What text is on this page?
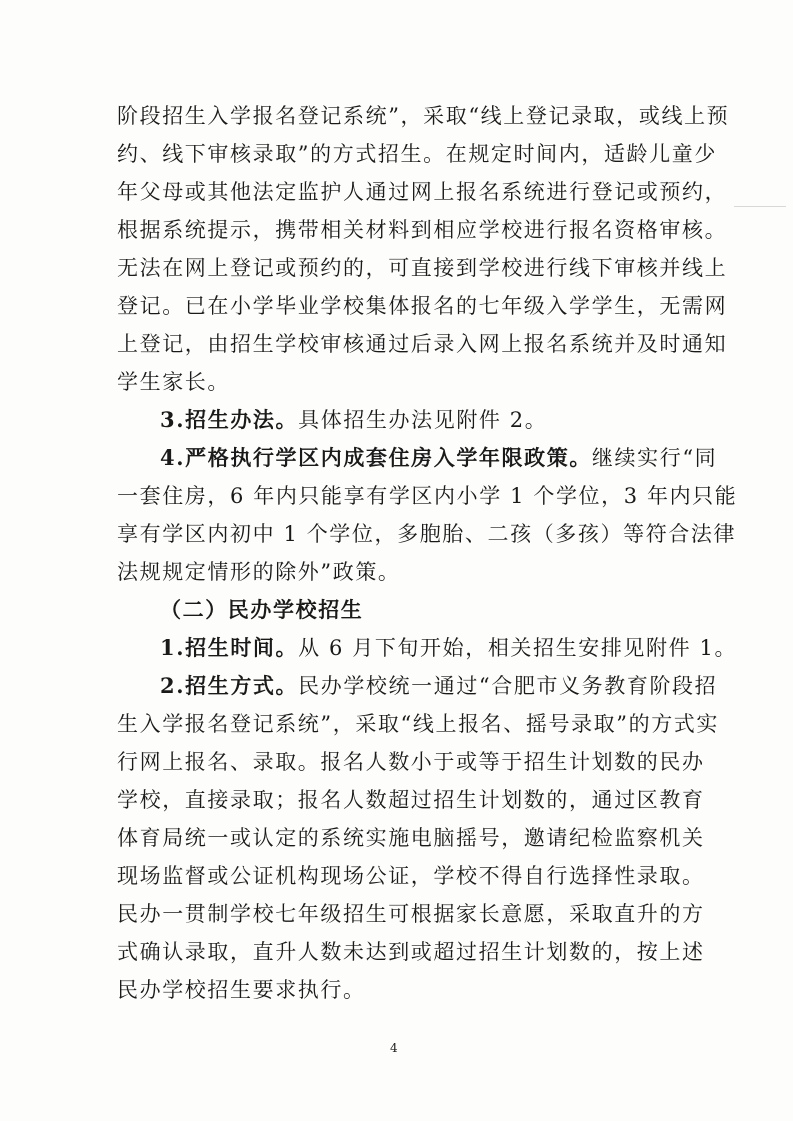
阶段招生入学报名登记系统”，采取“线上登记录取，或线上预
约、线下审核录取”的方式招生。在规定时间内，适龄儿童少
年父母或其他法定监护人通过网上报名系统进行登记或预约，
根据系统提示，携带相关材料到相应学校进行报名资格审核。
无法在网上登记或预约的，可直接到学校进行线下审核并线上
登记。已在小学毕业学校集体报名的七年级入学学生，无需网
上登记，由招生学校审核通过后录入网上报名系统并及时通知
学生家长。
3.招生办法。具体招生办法见附件 2。
4.严格执行学区内成套住房入学年限政策。继续实行“同
一套住房，6 年内只能享有学区内小学 1 个学位，3 年内只能
享有学区内初中 1 个学位，多胞胎、二孩（多孩）等符合法律
法规规定情形的除外”政策。
（二）民办学校招生
1.招生时间。从 6 月下旬开始，相关招生安排见附件 1。
2.招生方式。民办学校统一通过“合肥市义务教育阶段招
生入学报名登记系统”，采取“线上报名、摇号录取”的方式实
行网上报名、录取。报名人数小于或等于招生计划数的民办
学校，直接录取；报名人数超过招生计划数的，通过区教育
体育局统一或认定的系统实施电脑摇号，邀请纪检监察机关
现场监督或公证机构现场公证，学校不得自行选择性录取。
民办一贯制学校七年级招生可根据家长意愿，采取直升的方
式确认录取，直升人数未达到或超过招生计划数的，按上述
民办学校招生要求执行。
4
